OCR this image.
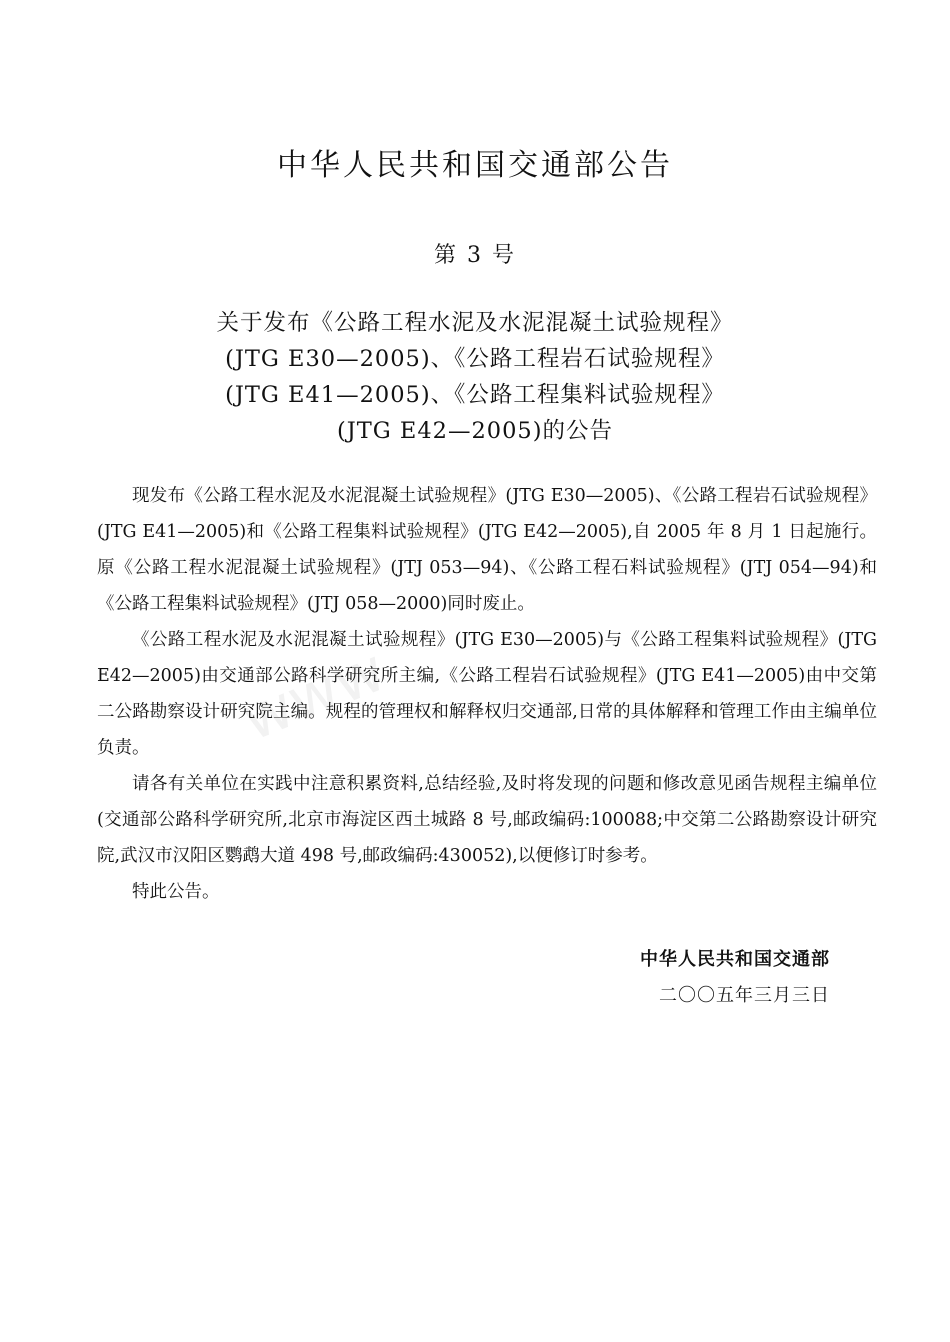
www
中华人民共和国交通部公告
第 3 号
关于发布《公路工程水泥及水泥混凝土试验规程》
(JTG E30—2005)、《公路工程岩石试验规程》
(JTG E41—2005)、《公路工程集料试验规程》
(JTG E42—2005)的公告

现发布《公路工程水泥及水泥混凝土试验规程》(JTG E30—2005)、《公路工程岩石试验规程》(JTG E41—2005)和《公路工程集料试验规程》(JTG E42—2005),自 2005 年 8 月 1 日起施行。原《公路工程水泥混凝土试验规程》(JTJ 053—94)、《公路工程石料试验规程》(JTJ 054—94)和《公路工程集料试验规程》(JTJ 058—2000)同时废止。

《公路工程水泥及水泥混凝土试验规程》(JTG E30—2005)与《公路工程集料试验规程》(JTG E42—2005)由交通部公路科学研究所主编,《公路工程岩石试验规程》(JTG E41—2005)由中交第二公路勘察设计研究院主编。规程的管理权和解释权归交通部,日常的具体解释和管理工作由主编单位负责。

请各有关单位在实践中注意积累资料,总结经验,及时将发现的问题和修改意见函告规程主编单位(交通部公路科学研究所,北京市海淀区西土城路 8 号,邮政编码:100088;中交第二公路勘察设计研究院,武汉市汉阳区鹦鹉大道 498 号,邮政编码:430052),以便修订时参考。

特此公告。

中华人民共和国交通部
二〇〇五年三月三日
